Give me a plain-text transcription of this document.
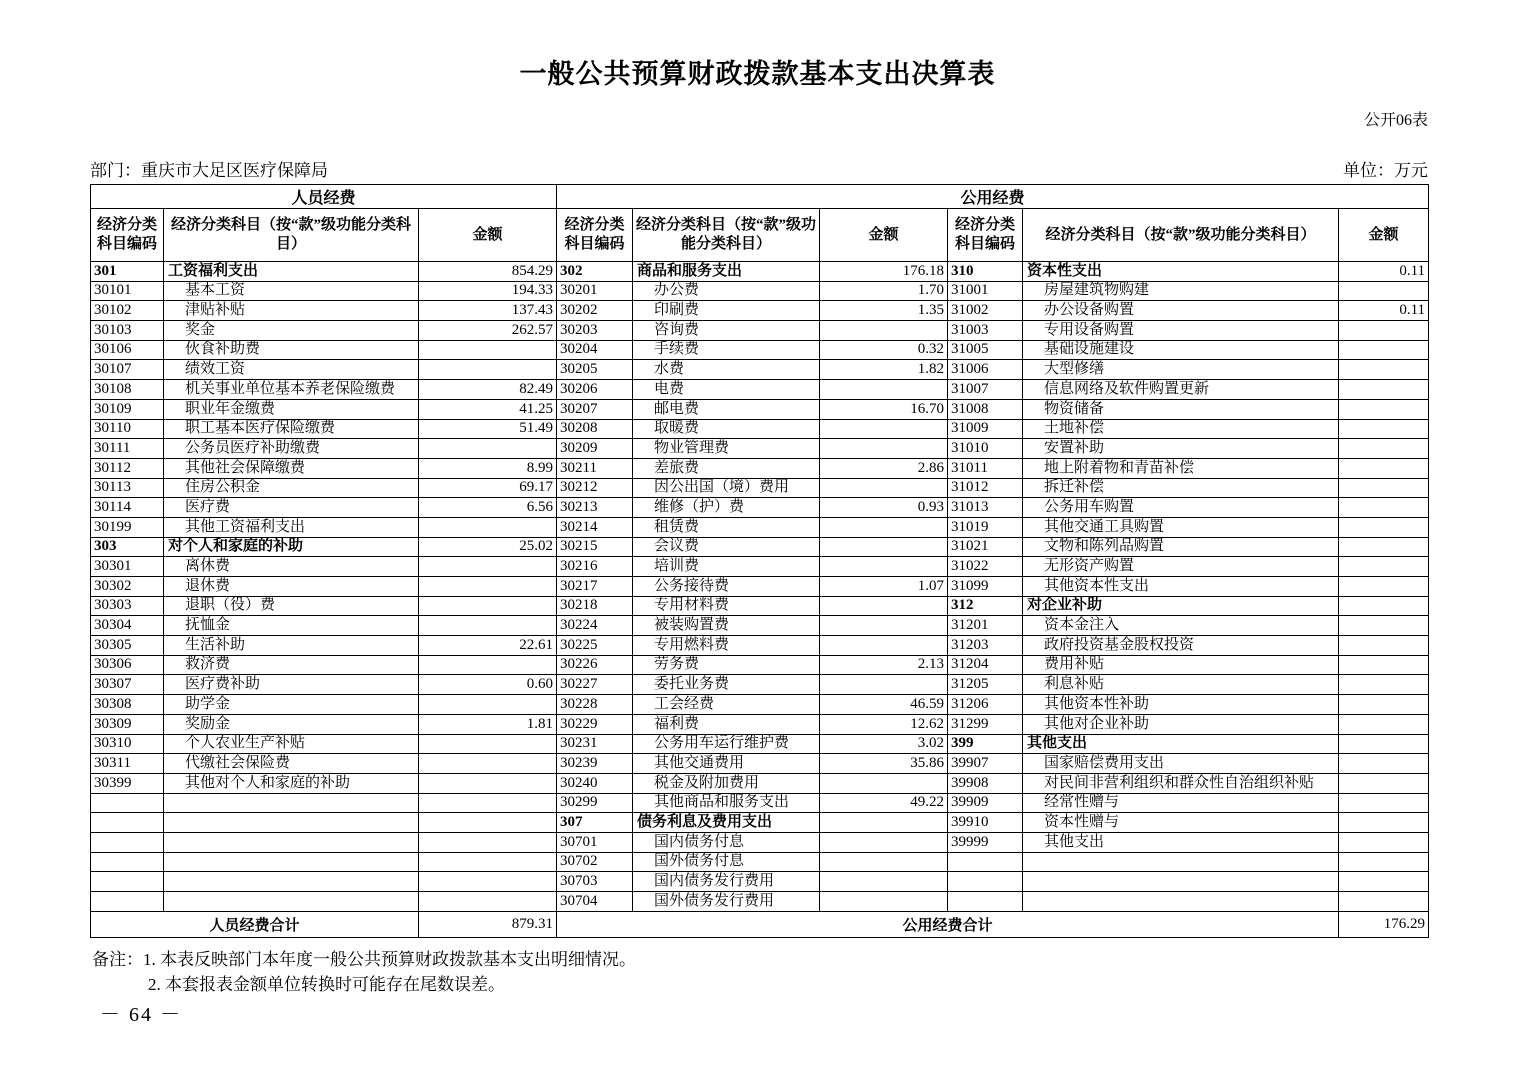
一般公共预算财政拨款基本支出决算表
公开06表
部门：重庆市大足区医疗保障局	单位：万元
人员经费			公用经费					
经济分类科目编码	经济分类科目（按“款”级功能分类科目）	金额	经济分类科目编码	经济分类科目（按“款”级功能分类科目）	金额	经济分类科目编码	经济分类科目（按“款”级功能分类科目）	金额
301	工资福利支出	854.29	302	商品和服务支出	176.18	310	资本性支出	0.11
30101	基本工资	194.33	30201	办公费	1.70	31001	房屋建筑物购建	
30102	津贴补贴	137.43	30202	印刷费	1.35	31002	办公设备购置	0.11
30103	奖金	262.57	30203	咨询费		31003	专用设备购置	
30106	伙食补助费		30204	手续费	0.32	31005	基础设施建设	
30107	绩效工资		30205	水费	1.82	31006	大型修缮	
30108	机关事业单位基本养老保险缴费	82.49	30206	电费		31007	信息网络及软件购置更新	
30109	职业年金缴费	41.25	30207	邮电费	16.70	31008	物资储备	
30110	职工基本医疗保险缴费	51.49	30208	取暖费		31009	土地补偿	
30111	公务员医疗补助缴费		30209	物业管理费		31010	安置补助	
30112	其他社会保障缴费	8.99	30211	差旅费	2.86	31011	地上附着物和青苗补偿	
30113	住房公积金	69.17	30212	因公出国（境）费用		31012	拆迁补偿	
30114	医疗费	6.56	30213	维修（护）费	0.93	31013	公务用车购置	
30199	其他工资福利支出		30214	租赁费		31019	其他交通工具购置	
303	对个人和家庭的补助	25.02	30215	会议费		31021	文物和陈列品购置	
30301	离休费		30216	培训费		31022	无形资产购置	
30302	退休费		30217	公务接待费	1.07	31099	其他资本性支出	
30303	退职（役）费		30218	专用材料费		312	对企业补助	
30304	抚恤金		30224	被装购置费		31201	资本金注入	
30305	生活补助	22.61	30225	专用燃料费		31203	政府投资基金股权投资	
30306	救济费		30226	劳务费	2.13	31204	费用补贴	
30307	医疗费补助	0.60	30227	委托业务费		31205	利息补贴	
30308	助学金		30228	工会经费	46.59	31206	其他资本性补助	
30309	奖励金	1.81	30229	福利费	12.62	31299	其他对企业补助	
30310	个人农业生产补贴		30231	公务用车运行维护费	3.02	399	其他支出	
30311	代缴社会保险费		30239	其他交通费用	35.86	39907	国家赔偿费用支出	
30399	其他对个人和家庭的补助		30240	税金及附加费用		39908	对民间非营利组织和群众性自治组织补贴	
			30299	其他商品和服务支出	49.22	39909	经常性赠与	
			307	债务利息及费用支出		39910	资本性赠与	
			30701	国内债务付息		39999	其他支出	
			30702	国外债务付息				
			30703	国内债务发行费用				
			30704	国外债务发行费用				
人员经费合计		879.31	公用经费合计					176.29
备注：1. 本表反映部门本年度一般公共预算财政拨款基本支出明细情况。
2. 本套报表金额单位转换时可能存在尾数误差。
－ 64 －
